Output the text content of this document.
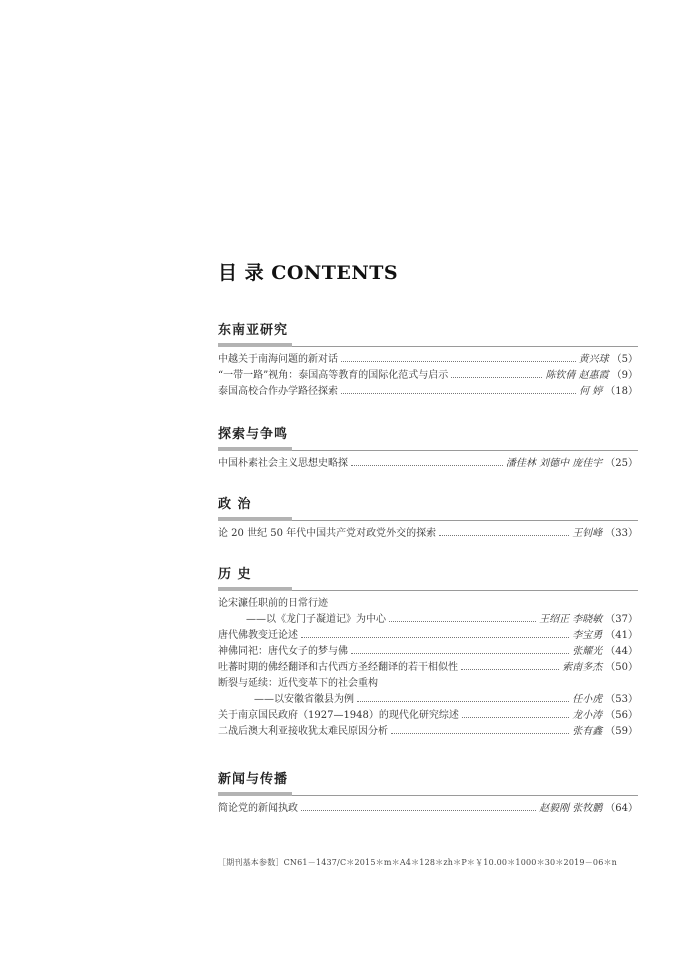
目 录 CONTENTS
东南亚研究
中越关于南海问题的新对话	黄兴球 （5）
“一带一路”视角：泰国高等教育的国际化范式与启示	陈钦倩 赵惠霞 （9）
泰国高校合作办学路径探索	何 婷 （18）
探索与争鸣
中国朴素社会主义思想史略探	潘佳林 刘德中 庞佳宇 （25）
政 治
论 20 世纪 50 年代中国共产党对政党外交的探索	王钊峰 （33）
历 史
论宋濂任职前的日常行迹
——以《龙门子凝道记》为中心	王绍正 李晓敏 （37）
唐代佛教变迁论述	李宝勇 （41）
神佛同祀：唐代女子的梦与佛	张耀光 （44）
吐蕃时期的佛经翻译和古代西方圣经翻译的若干相似性	索南多杰 （50）
断裂与延续：近代变革下的社会重构
——以安徽省徽县为例	任小虎 （53）
关于南京国民政府（1927—1948）的现代化研究综述	龙小涛 （56）
二战后澳大利亚接收犹太难民原因分析	张有鑫 （59）
新闻与传播
简论党的新闻执政	赵毅刚 张牧鹏 （64）
［期刊基本参数］CN61－1437/C＊2015＊m＊A4＊128＊zh＊P＊￥10.00＊1000＊30＊2019－06＊n
